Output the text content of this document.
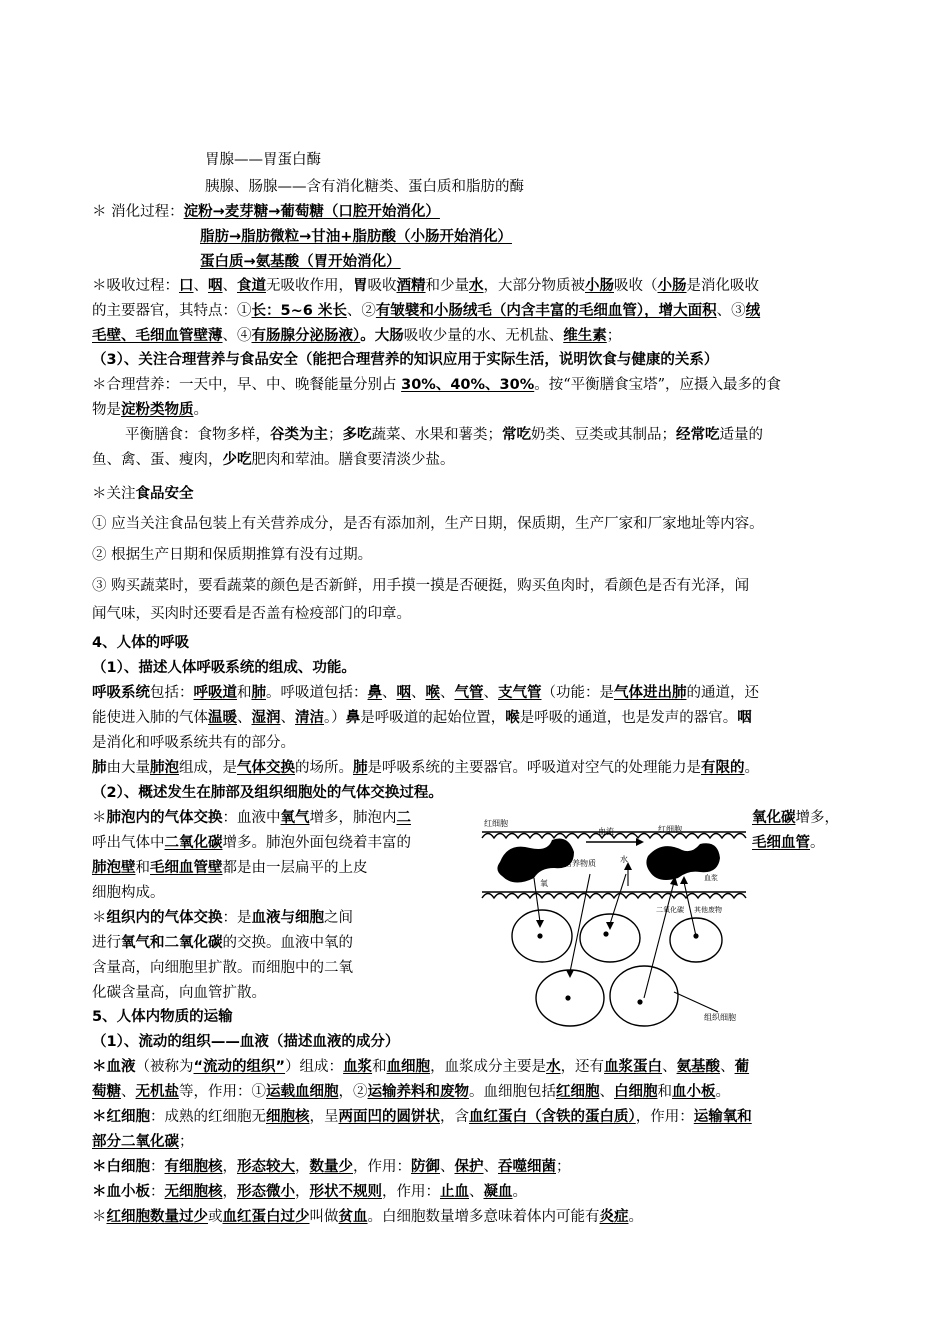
胃腺——胃蛋白酶
胰腺、肠腺——含有消化糖类、蛋白质和脂肪的酶
＊ 消化过程：淀粉→麦芽糖→葡萄糖（口腔开始消化）
脂肪→脂肪微粒→甘油+脂肪酸（小肠开始消化）
蛋白质→氨基酸（胃开始消化）
＊吸收过程：口、咽、食道无吸收作用，胃吸收酒精和少量水，大部分物质被小肠吸收（小肠是消化吸收
的主要器官，其特点：①长：5~6 米长、②有皱襞和小肠绒毛（内含丰富的毛细血管），增大面积、③绒
毛壁、毛细血管壁薄、④有肠腺分泌肠液）。大肠吸收少量的水、无机盐、维生素；
（3）、关注合理营养与食品安全（能把合理营养的知识应用于实际生活，说明饮食与健康的关系）
＊合理营养：一天中，早、中、晚餐能量分别占 30%、40%、30%。按“平衡膳食宝塔”，应摄入最多的食
物是淀粉类物质。
平衡膳食：食物多样，谷类为主；多吃蔬菜、水果和薯类；常吃奶类、豆类或其制品；经常吃适量的
鱼、禽、蛋、瘦肉，少吃肥肉和荤油。膳食要清淡少盐。
＊关注食品安全
① 应当关注食品包装上有关营养成分，是否有添加剂，生产日期，保质期，生产厂家和厂家地址等内容。
② 根据生产日期和保质期推算有没有过期。
③ 购买蔬菜时，要看蔬菜的颜色是否新鲜，用手摸一摸是否硬挺，购买鱼肉时，看颜色是否有光泽，闻
闻气味，买肉时还要看是否盖有检疫部门的印章。
4、人体的呼吸
（1）、描述人体呼吸系统的组成、功能。
呼吸系统包括：呼吸道和肺。呼吸道包括：鼻、咽、喉、气管、支气管（功能：是气体进出肺的通道，还
能使进入肺的气体温暖、湿润、清洁。）鼻是呼吸道的起始位置，喉是呼吸的通道，也是发声的器官。咽
是消化和呼吸系统共有的部分。
肺由大量肺泡组成，是气体交换的场所。肺是呼吸系统的主要器官。呼吸道对空气的处理能力是有限的。
（2）、概述发生在肺部及组织细胞处的气体交换过程。
＊肺泡内的气体交换：血液中氧气增多，肺泡内二
呼出气体中二氧化碳增多。肺泡外面包绕着丰富的
肺泡壁和毛细血管壁都是由一层扁平的上皮
细胞构成。
＊组织内的气体交换：是血液与细胞之间
进行氧气和二氧化碳的交换。血液中氧的
含量高，向细胞里扩散。而细胞中的二氧
化碳含量高，向血管扩散。
5、人体内物质的运输
（1）、流动的组织——血液（描述血液的成分）
＊血液（被称为“流动的组织”）组成：血浆和血细胞，血浆成分主要是水，还有血浆蛋白、氨基酸、葡
萄糖、无机盐等，作用：①运载血细胞，②运输养料和废物。血细胞包括红细胞、白细胞和血小板。
＊红细胞：成熟的红细胞无细胞核，呈两面凹的圆饼状，含血红蛋白（含铁的蛋白质），作用：运输氧和
部分二氧化碳；
＊白细胞：有细胞核，形态较大，数量少，作用：防御、保护、吞噬细菌；
＊血小板：无细胞核，形态微小，形状不规则，作用：止血、凝血。
＊红细胞数量过少或血红蛋白过少叫做贫血。白细胞数量增多意味着体内可能有炎症。
氧化碳增多，
毛细血管。
红细胞
血流	红细胞
营养物质	水
血浆
氧
二氧化碳 其他废物
组织细胞
